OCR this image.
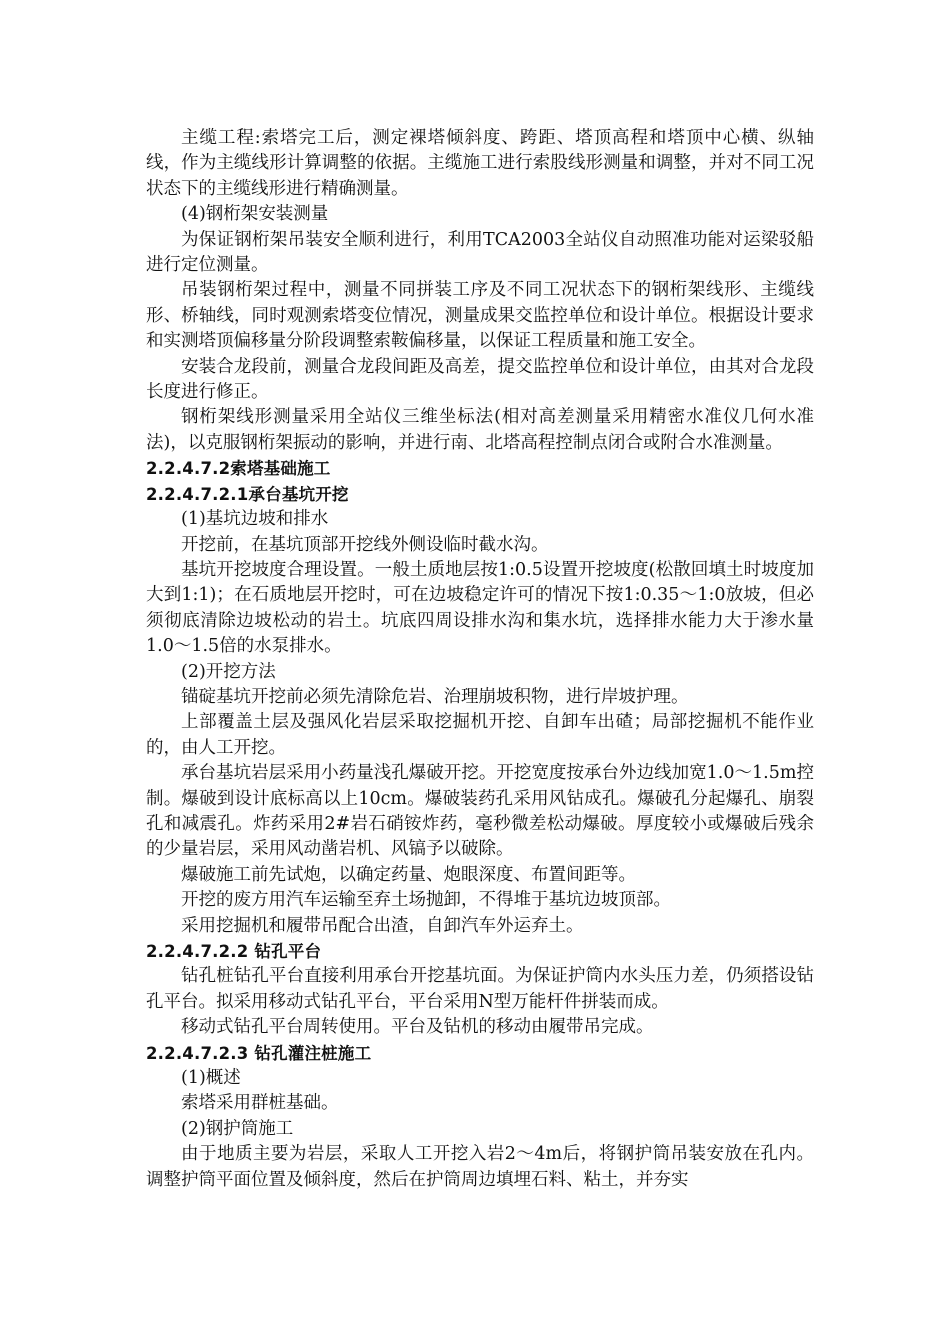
主缆工程:索塔完工后，测定裸塔倾斜度、跨距、塔顶高程和塔顶中心横、纵轴线，作为主缆线形计算调整的依据。主缆施工进行索股线形测量和调整，并对不同工况状态下的主缆线形进行精确测量。

(4)钢桁架安装测量

为保证钢桁架吊装安全顺利进行，利用TCA2003全站仪自动照准功能对运梁驳船进行定位测量。

吊装钢桁架过程中，测量不同拼装工序及不同工况状态下的钢桁架线形、主缆线形、桥轴线，同时观测索塔变位情况，测量成果交监控单位和设计单位。根据设计要求和实测塔顶偏移量分阶段调整索鞍偏移量，以保证工程质量和施工安全。

安装合龙段前，测量合龙段间距及高差，提交监控单位和设计单位，由其对合龙段长度进行修正。

钢桁架线形测量采用全站仪三维坐标法(相对高差测量采用精密水准仪几何水准法)，以克服钢桁架振动的影响，并进行南、北塔高程控制点闭合或附合水准测量。

2.2.4.7.2索塔基础施工
2.2.4.7.2.1承台基坑开挖

(1)基坑边坡和排水

开挖前，在基坑顶部开挖线外侧设临时截水沟。

基坑开挖坡度合理设置。一般土质地层按1:0.5设置开挖坡度(松散回填土时坡度加大到1:1)；在石质地层开挖时，可在边坡稳定许可的情况下按1:0.35～1:0放坡，但必须彻底清除边坡松动的岩土。坑底四周设排水沟和集水坑，选择排水能力大于渗水量1.0～1.5倍的水泵排水。

(2)开挖方法

锚碇基坑开挖前必须先清除危岩、治理崩坡积物，进行岸坡护理。

上部覆盖土层及强风化岩层采取挖掘机开挖、自卸车出碴；局部挖掘机不能作业的，由人工开挖。

承台基坑岩层采用小药量浅孔爆破开挖。开挖宽度按承台外边线加宽1.0～1.5m控制。爆破到设计底标高以上10cm。爆破装药孔采用风钻成孔。爆破孔分起爆孔、崩裂孔和减震孔。炸药采用2#岩石硝铵炸药，毫秒微差松动爆破。厚度较小或爆破后残余的少量岩层，采用风动凿岩机、风镐予以破除。

爆破施工前先试炮，以确定药量、炮眼深度、布置间距等。

开挖的废方用汽车运输至弃土场抛卸，不得堆于基坑边坡顶部。

采用挖掘机和履带吊配合出渣，自卸汽车外运弃土。

2.2.4.7.2.2 钻孔平台

钻孔桩钻孔平台直接利用承台开挖基坑面。为保证护筒内水头压力差，仍须搭设钻孔平台。拟采用移动式钻孔平台，平台采用N型万能杆件拼装而成。

移动式钻孔平台周转使用。平台及钻机的移动由履带吊完成。

2.2.4.7.2.3 钻孔灌注桩施工

(1)概述

索塔采用群桩基础。

(2)钢护筒施工

由于地质主要为岩层，采取人工开挖入岩2～4m后，将钢护筒吊装安放在孔内。调整护筒平面位置及倾斜度，然后在护筒周边填埋石料、粘土，并夯实
